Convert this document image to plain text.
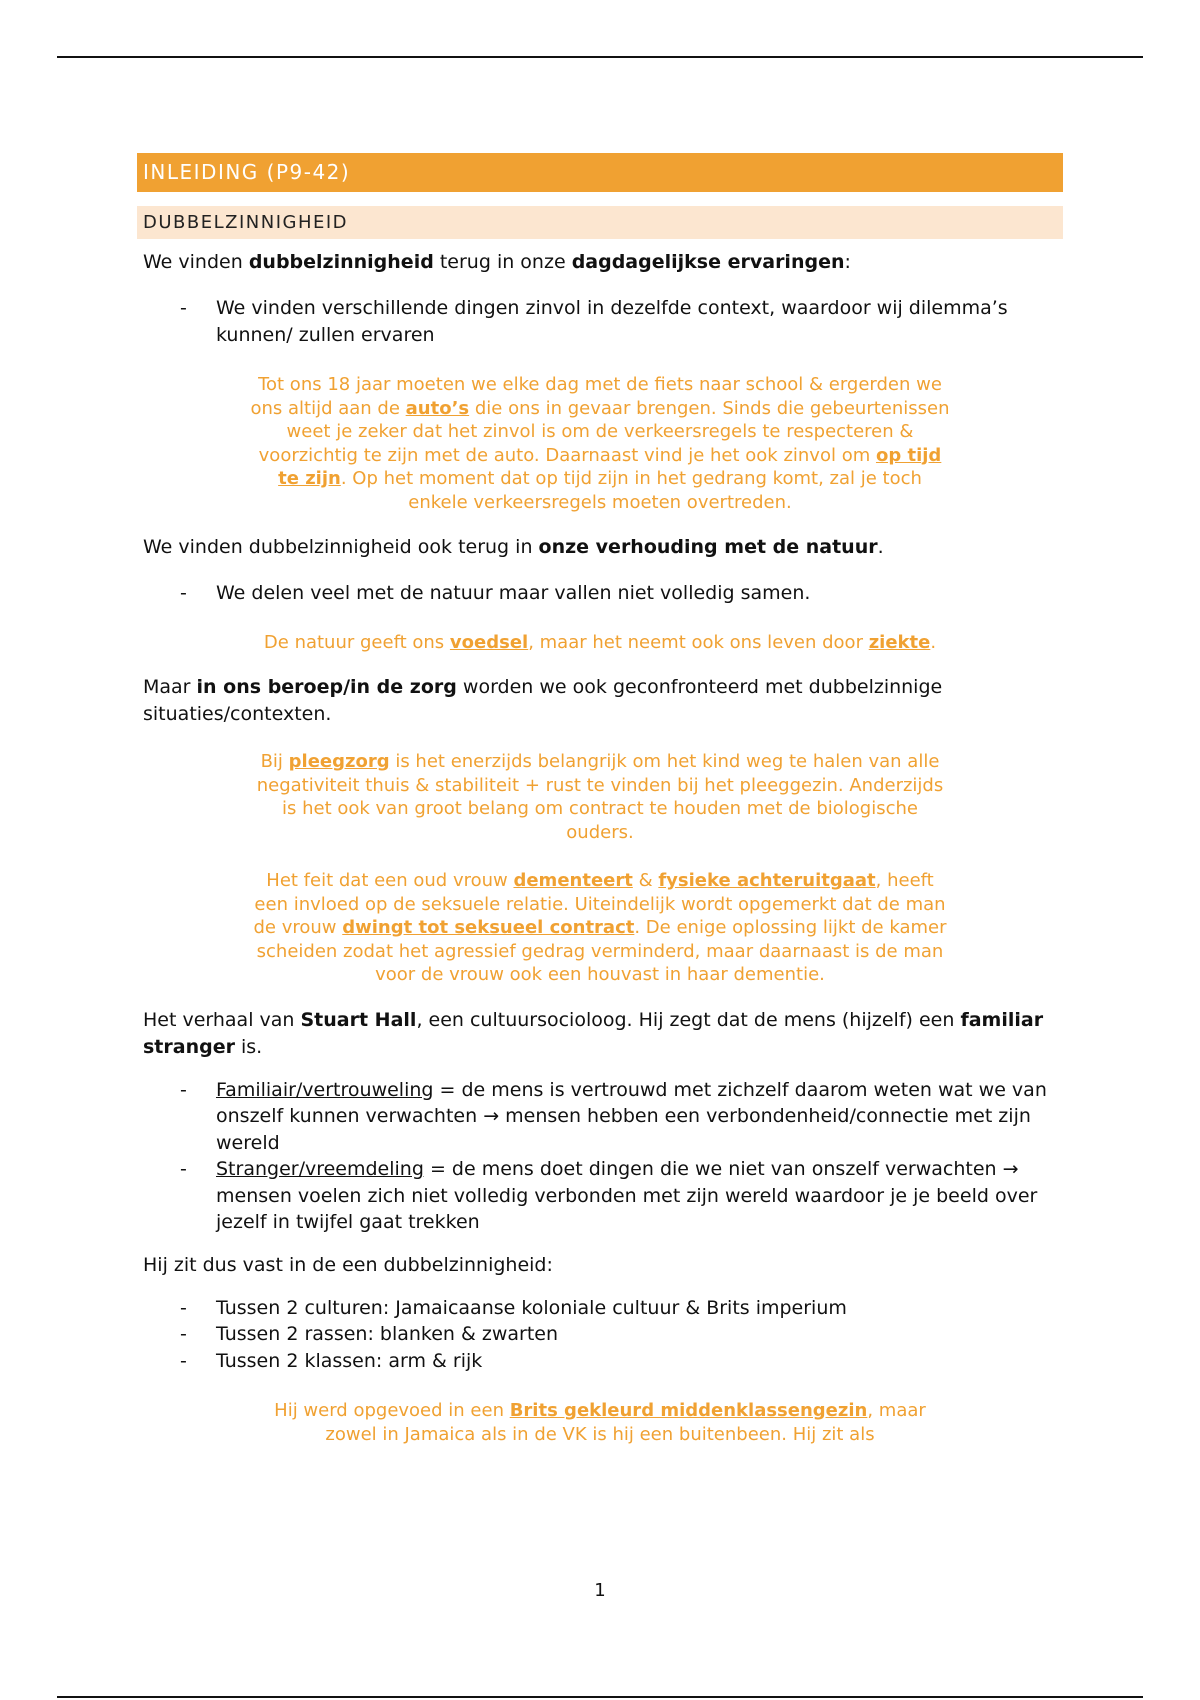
INLEIDING (P9-42)
DUBBELZINNIGHEID

We vinden dubbelzinnigheid terug in onze dagdagelijkse ervaringen:

- We vinden verschillende dingen zinvol in dezelfde context, waardoor wij dilemma’s kunnen/ zullen ervaren

Tot ons 18 jaar moeten we elke dag met de fiets naar school & ergerden we ons altijd aan de auto’s die ons in gevaar brengen. Sinds die gebeurtenissen weet je zeker dat het zinvol is om de verkeersregels te respecteren & voorzichtig te zijn met de auto. Daarnaast vind je het ook zinvol om op tijd te zijn. Op het moment dat op tijd zijn in het gedrang komt, zal je toch enkele verkeersregels moeten overtreden.

We vinden dubbelzinnigheid ook terug in onze verhouding met de natuur.

- We delen veel met de natuur maar vallen niet volledig samen.

De natuur geeft ons voedsel, maar het neemt ook ons leven door ziekte.

Maar in ons beroep/in de zorg worden we ook geconfronteerd met dubbelzinnige situaties/contexten.

Bij pleegzorg is het enerzijds belangrijk om het kind weg te halen van alle negativiteit thuis & stabiliteit + rust te vinden bij het pleeggezin. Anderzijds is het ook van groot belang om contract te houden met de biologische ouders.

Het feit dat een oud vrouw dementeert & fysieke achteruitgaat, heeft een invloed op de seksuele relatie. Uiteindelijk wordt opgemerkt dat de man de vrouw dwingt tot seksueel contract. De enige oplossing lijkt de kamer scheiden zodat het agressief gedrag verminderd, maar daarnaast is de man voor de vrouw ook een houvast in haar dementie.

Het verhaal van Stuart Hall, een cultuursocioloog. Hij zegt dat de mens (hijzelf) een familiar stranger is.

- Familiair/vertrouweling = de mens is vertrouwd met zichzelf daarom weten wat we van onszelf kunnen verwachten → mensen hebben een verbondenheid/connectie met zijn wereld
- Stranger/vreemdeling = de mens doet dingen die we niet van onszelf verwachten → mensen voelen zich niet volledig verbonden met zijn wereld waardoor je je beeld over jezelf in twijfel gaat trekken

Hij zit dus vast in de een dubbelzinnigheid:

- Tussen 2 culturen: Jamaicaanse koloniale cultuur & Brits imperium
- Tussen 2 rassen: blanken & zwarten
- Tussen 2 klassen: arm & rijk

Hij werd opgevoed in een Brits gekleurd middenklassengezin, maar zowel in Jamaica als in de VK is hij een buitenbeen. Hij zit als

1
